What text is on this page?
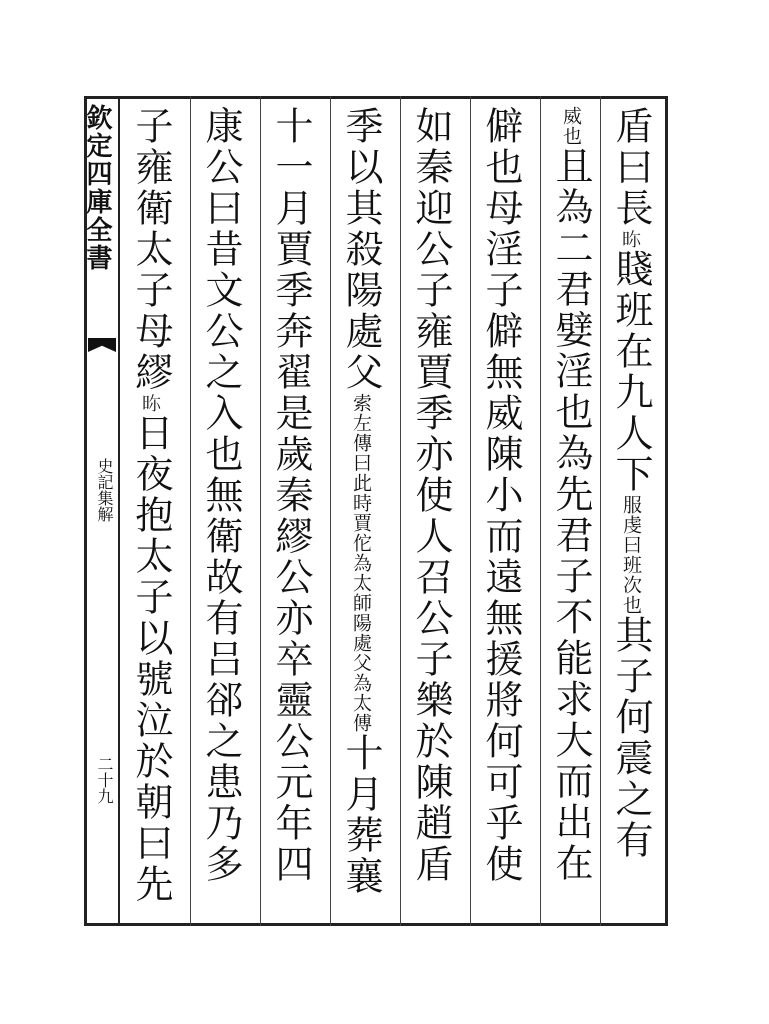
欽定四庫全書
史記集解
二十九
盾曰長𣆋賤班在九人下服虔曰班次也其子何震之有
威也且為二君嬖淫也為先君子不能求大而出在
僻也母淫子僻無威陳小而遠無援將何可乎使
如秦迎公子雍賈季亦使人召公子樂於陳趙盾
季以其殺陽處父索左傳曰此時賈佗為太師陽處父為太傅十月葬襄
十一月賈季奔翟是歲秦繆公亦卒靈公元年四
康公曰昔文公之入也無衛故有吕郤之患乃多
子雍衛太子母繆𣆋日夜抱太子以號泣於朝曰先
